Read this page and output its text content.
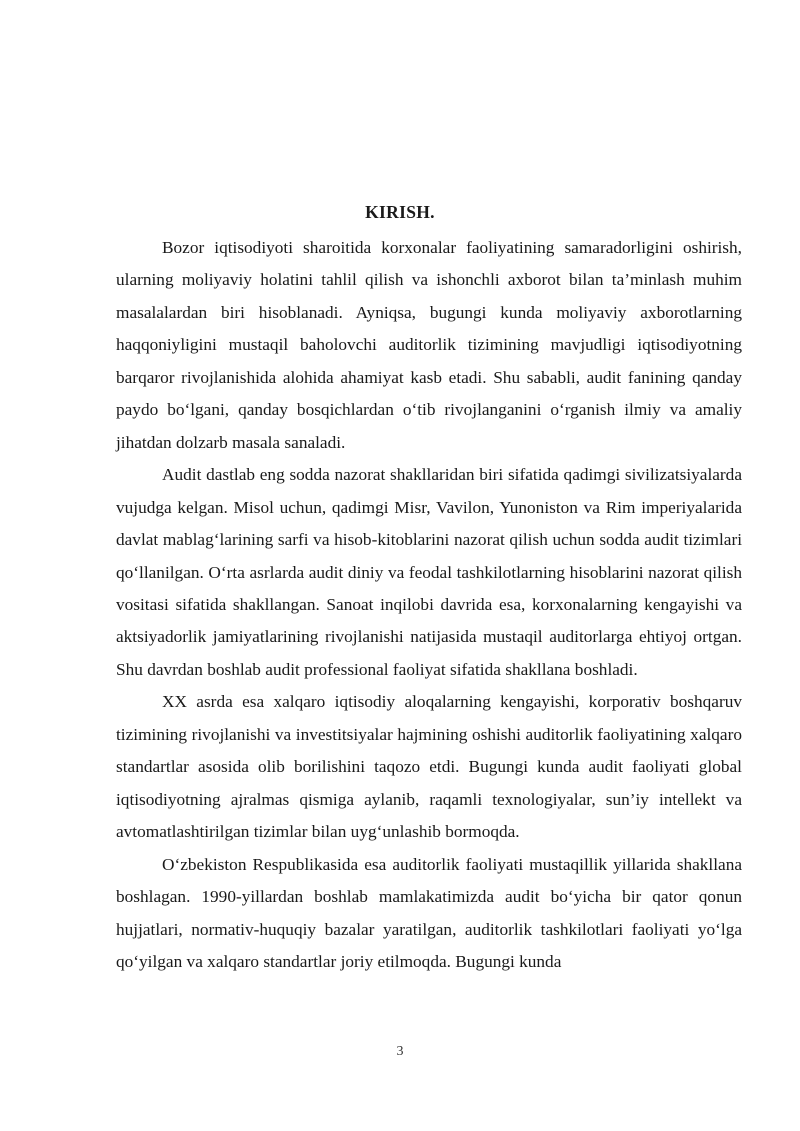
KIRISH.

Bozor iqtisodiyoti sharoitida korxonalar faoliyatining samaradorligini oshirish, ularning moliyaviy holatini tahlil qilish va ishonchli axborot bilan ta’minlash muhim masalalardan biri hisoblanadi. Ayniqsa, bugungi kunda moliyaviy axborotlarning haqqoniyligini mustaqil baholovchi auditorlik tizimining mavjudligi iqtisodiyotning barqaror rivojlanishida alohida ahamiyat kasb etadi. Shu sababli, audit fanining qanday paydo bo‘lgani, qanday bosqichlardan o‘tib rivojlanganini o‘rganish ilmiy va amaliy jihatdan dolzarb masala sanaladi.

Audit dastlab eng sodda nazorat shakllaridan biri sifatida qadimgi sivilizatsiyalarda vujudga kelgan. Misol uchun, qadimgi Misr, Vavilon, Yunoniston va Rim imperiyalarida davlat mablag‘larining sarfi va hisob-kitoblarini nazorat qilish uchun sodda audit tizimlari qo‘llanilgan. O‘rta asrlarda audit diniy va feodal tashkilotlarning hisoblarini nazorat qilish vositasi sifatida shakllangan. Sanoat inqilobi davrida esa, korxonalarning kengayishi va aktsiyadorlik jamiyatlarining rivojlanishi natijasida mustaqil auditorlarga ehtiyoj ortgan. Shu davrdan boshlab audit professional faoliyat sifatida shakllana boshladi.

XX asrda esa xalqaro iqtisodiy aloqalarning kengayishi, korporativ boshqaruv tizimining rivojlanishi va investitsiyalar hajmining oshishi auditorlik faoliyatining xalqaro standartlar asosida olib borilishini taqozo etdi. Bugungi kunda audit faoliyati global iqtisodiyotning ajralmas qismiga aylanib, raqamli texnologiyalar, sun’iy intellekt va avtomatlashtirilgan tizimlar bilan uyg‘unlashib bormoqda.

O‘zbekiston Respublikasida esa auditorlik faoliyati mustaqillik yillarida shakllana boshlagan. 1990-yillardan boshlab mamlakatimizda audit bo‘yicha bir qator qonun hujjatlari, normativ-huquqiy bazalar yaratilgan, auditorlik tashkilotlari faoliyati yo‘lga qo‘yilgan va xalqaro standartlar joriy etilmoqda. Bugungi kunda

3
